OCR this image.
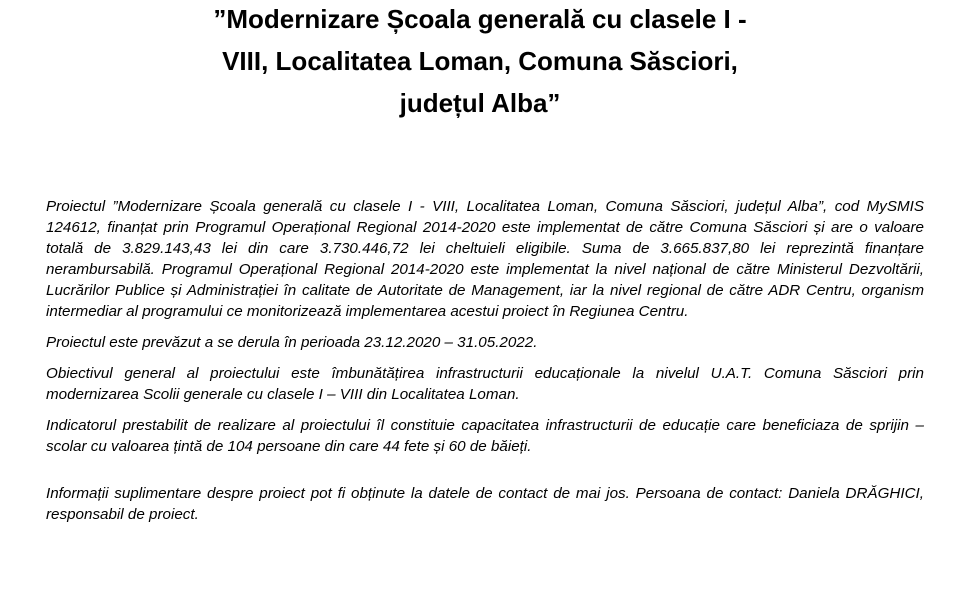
”Modernizare Școala generală cu clasele I -

VIII, Localitatea Loman, Comuna Săsciori,

județul Alba”

Proiectul ”Modernizare Școala generală cu clasele I - VIII, Localitatea Loman, Comuna Săsciori, județul Alba”, cod MySMIS 124612, finanțat prin Programul Operațional Regional 2014-2020 este implementat de către Comuna Săsciori și are o valoare totală de 3.829.143,43 lei din care 3.730.446,72 lei cheltuieli eligibile. Suma de 3.665.837,80 lei reprezintă finanțare nerambursabilă. Programul Operațional Regional 2014-2020 este implementat la nivel național de către Ministerul Dezvoltării, Lucrărilor Publice și Administrației în calitate de Autoritate de Management, iar la nivel regional de către ADR Centru, organism intermediar al programului ce monitorizează implementarea acestui proiect în Regiunea Centru.

Proiectul este prevăzut a se derula în perioada 23.12.2020 – 31.05.2022.

Obiectivul general al proiectului este îmbunătățirea infrastructurii educaționale la nivelul U.A.T. Comuna Săsciori prin modernizarea Scolii generale cu clasele I – VIII din Localitatea Loman.

Indicatorul prestabilit de realizare al proiectului îl constituie capacitatea infrastructurii de educație care beneficiaza de sprijin – scolar cu valoarea țintă de 104 persoane din care 44 fete și 60 de băieți.

Informații suplimentare despre proiect pot fi obținute la datele de contact de mai jos. Persoana de contact: Daniela DRĂGHICI, responsabil de proiect.
